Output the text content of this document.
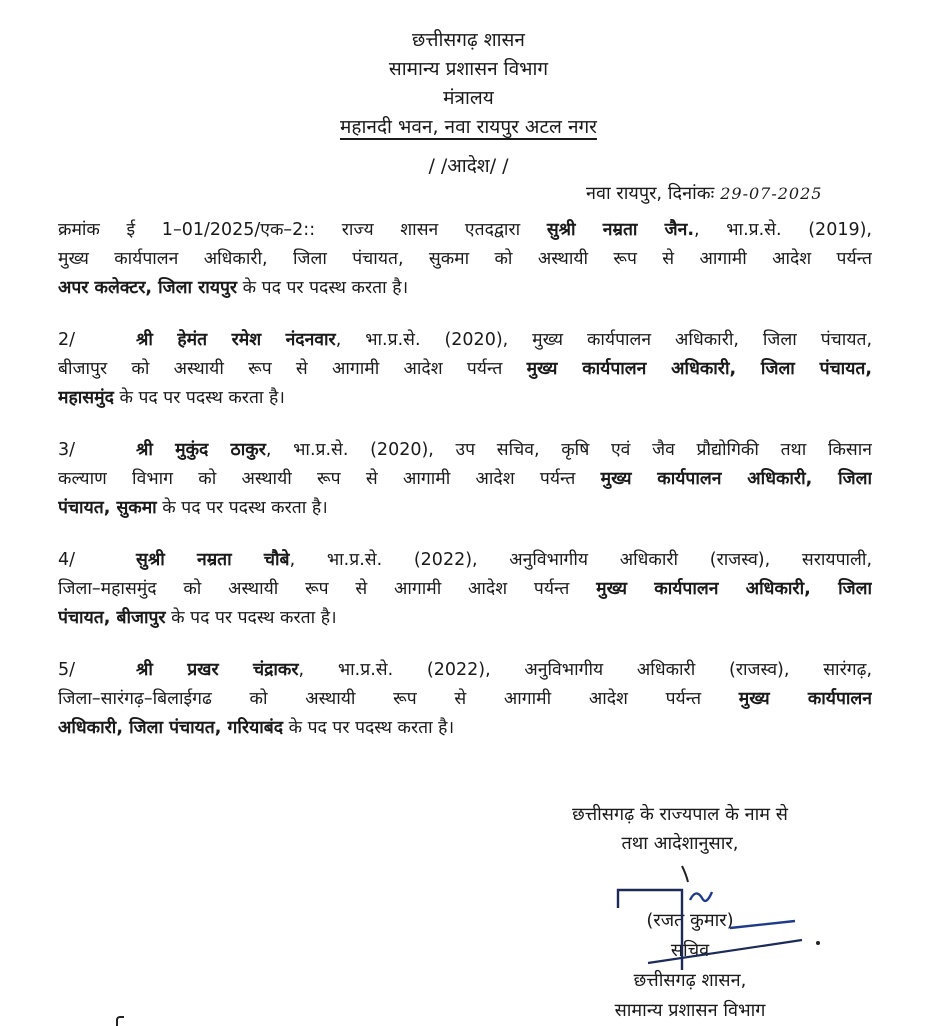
छत्तीसगढ़ शासन
सामान्य प्रशासन विभाग
मंत्रालय
महानदी भवन, नवा रायपुर अटल नगर
/ /आदेश/ /
नवा रायपुर, दिनांकः 29-07-2025
क्रमांक ई 1–01/2025/एक–2:: राज्य शासन एतदद्वारा सुश्री नम्रता जैन., भा.प्र.से. (2019),
मुख्य कार्यपालन अधिकारी, जिला पंचायत, सुकमा को अस्थायी रूप से आगामी आदेश पर्यन्त
अपर कलेक्टर, जिला रायपुर के पद पर पदस्थ करता है।
2/	श्री हेमंत रमेश नंदनवार, भा.प्र.से. (2020), मुख्य कार्यपालन अधिकारी, जिला पंचायत,
बीजापुर को अस्थायी रूप से आगामी आदेश पर्यन्त मुख्य कार्यपालन अधिकारी, जिला पंचायत,
महासमुंद के पद पर पदस्थ करता है।
3/	श्री मुकुंद ठाकुर, भा.प्र.से. (2020), उप सचिव, कृषि एवं जैव प्रौद्योगिकी तथा किसान
कल्याण विभाग को अस्थायी रूप से आगामी आदेश पर्यन्त मुख्य कार्यपालन अधिकारी, जिला
पंचायत, सुकमा के पद पर पदस्थ करता है।
4/	सुश्री नम्रता चौबे, भा.प्र.से. (2022), अनुविभागीय अधिकारी (राजस्व), सरायपाली,
जिला–महासमुंद को अस्थायी रूप से आगामी आदेश पर्यन्त मुख्य कार्यपालन अधिकारी, जिला
पंचायत, बीजापुर के पद पर पदस्थ करता है।
5/	श्री प्रखर चंद्राकर, भा.प्र.से. (2022), अनुविभागीय अधिकारी (राजस्व), सारंगढ़,
जिला–सारंगढ़–बिलाईगढ को अस्थायी रूप से आगामी आदेश पर्यन्त मुख्य कार्यपालन
अधिकारी, जिला पंचायत, गरियाबंद के पद पर पदस्थ करता है।
छत्तीसगढ़ के राज्यपाल के नाम से
तथा आदेशानुसार,
(रजत कुमार)
सचिव
छत्तीसगढ़ शासन,
सामान्य प्रशासन विभाग
